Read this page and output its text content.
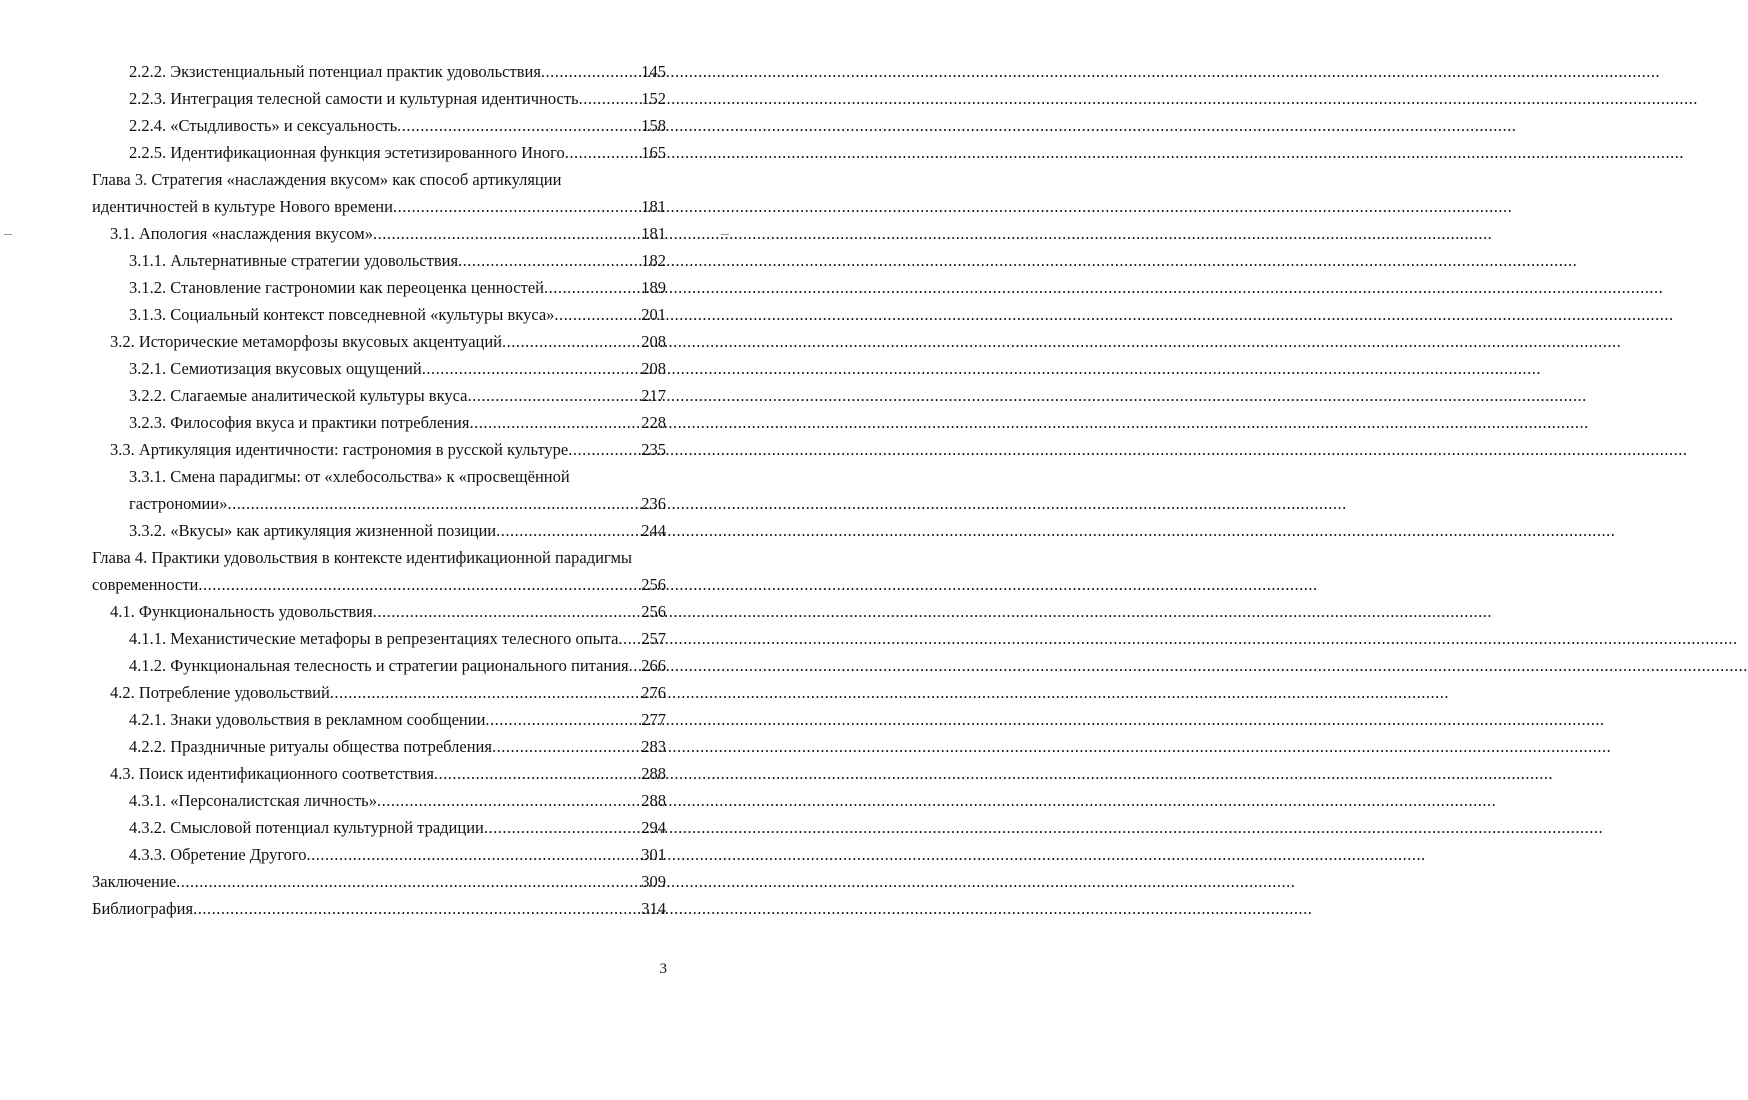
2.2.2. Экзистенциальный потенциал практик удовольствия .....	145
2.2.3. Интеграция телесной самости и культурная идентичность .....	152
2.2.4. «Стыдливость» и сексуальность .....	158
2.2.5. Идентификационная функция эстетизированного Иного .....	165
Глава 3. Стратегия «наслаждения вкусом» как способ артикуляции
идентичностей в культуре Нового времени .....	181
3.1. Апология «наслаждения вкусом» .....	181
3.1.1. Альтернативные стратегии удовольствия .....	182
3.1.2. Становление гастрономии как переоценка ценностей .....	189
3.1.3. Социальный контекст повседневной «культуры вкуса» .....	201
3.2. Исторические метаморфозы вкусовых акцентуаций .....	208
3.2.1. Семиотизация вкусовых ощущений .....	208
3.2.2. Слагаемые аналитической культуры вкуса .....	217
3.2.3. Философия вкуса и практики потребления .....	228
3.3. Артикуляция идентичности: гастрономия в русской культуре .....	235
3.3.1. Смена парадигмы: от «хлебосольства» к «просвещённой
гастрономии» .....	236
3.3.2. «Вкусы» как артикуляция жизненной позиции .....	244
Глава 4. Практики удовольствия в контексте идентификационной парадигмы
современности .....	256
4.1. Функциональность удовольствия .....	256
4.1.1. Механистические метафоры в репрезентациях телесного опыта ..... 257
4.1.2. Функциональная телесность и стратегии рационального питания ..... 266
4.2. Потребление удовольствий .....	276
4.2.1. Знаки удовольствия в рекламном сообщении .....	277
4.2.2. Праздничные ритуалы общества потребления .....	283
4.3. Поиск идентификационного соответствия .....	288
4.3.1. «Персоналистская личность» .....	288
4.3.2. Смысловой потенциал культурной традиции .....	294
4.3.3. Обретение Другого .....	301
Заключение .....	309
Библиография .....	314
3
